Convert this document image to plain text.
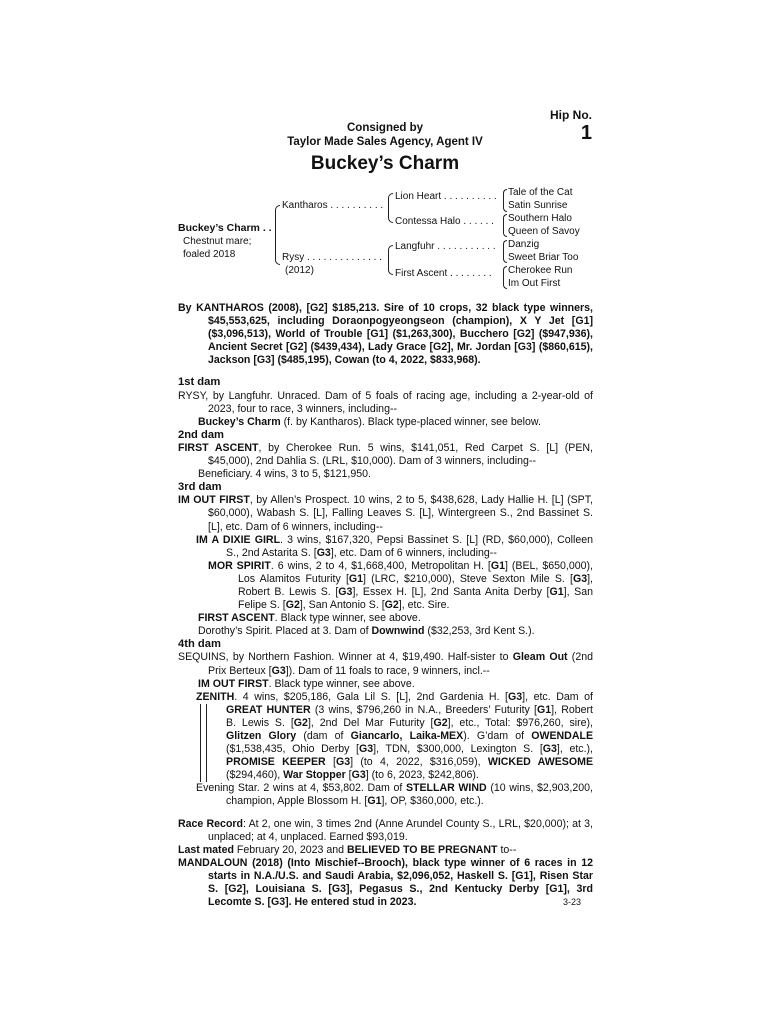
Hip No.
1
Consigned by
Taylor Made Sales Agency, Agent IV
Buckey’s Charm
Buckey’s Charm . .
Chestnut mare;
foaled 2018
Kantharos . . . . . . . . . .
Rysy . . . . . . . . . . . . . .
(2012)
Lion Heart . . . . . . . . . .
Contessa Halo . . . . . .
Langfuhr . . . . . . . . . . .
First Ascent . . . . . . . .
Tale of the Cat
Satin Sunrise
Southern Halo
Queen of Savoy
Danzig
Sweet Briar Too
Cherokee Run
Im Out First

By KANTHAROS (2008), [G2] $185,213. Sire of 10 crops, 32 black type winners, $45,553,625, including Doraonpogyeongseon (champion), X Y Jet [G1] ($3,096,513), World of Trouble [G1] ($1,263,300), Bucchero [G2] ($947,936), Ancient Secret [G2] ($439,434), Lady Grace [G2], Mr. Jordan [G3] ($860,615), Jackson [G3] ($485,195), Cowan (to 4, 2022, $833,968).

1st dam

RYSY, by Langfuhr. Unraced. Dam of 5 foals of racing age, including a 2-year-old of 2023, four to race, 3 winners, including--

Buckey’s Charm (f. by Kantharos). Black type-placed winner, see below.

2nd dam

FIRST ASCENT, by Cherokee Run. 5 wins, $141,051, Red Carpet S. [L] (PEN, $45,000), 2nd Dahlia S. (LRL, $10,000). Dam of 3 winners, including--

Beneficiary. 4 wins, 3 to 5, $121,950.

3rd dam

IM OUT FIRST, by Allen’s Prospect. 10 wins, 2 to 5, $438,628, Lady Hallie H. [L] (SPT, $60,000), Wabash S. [L], Falling Leaves S. [L], Wintergreen S., 2nd Bassinet S. [L], etc. Dam of 6 winners, including--

IM A DIXIE GIRL. 3 wins, $167,320, Pepsi Bassinet S. [L] (RD, $60,000), Colleen S., 2nd Astarita S. [G3], etc. Dam of 6 winners, including--

MOR SPIRIT. 6 wins, 2 to 4, $1,668,400, Metropolitan H. [G1] (BEL, $650,000), Los Alamitos Futurity [G1] (LRC, $210,000), Steve Sexton Mile S. [G3], Robert B. Lewis S. [G3], Essex H. [L], 2nd Santa Anita Derby [G1], San Felipe S. [G2], San Antonio S. [G2], etc. Sire.

FIRST ASCENT. Black type winner, see above.

Dorothy’s Spirit. Placed at 3. Dam of Downwind ($32,253, 3rd Kent S.).

4th dam

SEQUINS, by Northern Fashion. Winner at 4, $19,490. Half-sister to Gleam Out (2nd Prix Berteux [G3]). Dam of 11 foals to race, 9 winners, incl.--

IM OUT FIRST. Black type winner, see above.

ZENITH. 4 wins, $205,186, Gala Lil S. [L], 2nd Gardenia H. [G3], etc. Dam of GREAT HUNTER (3 wins, $796,260 in N.A., Breeders’ Futurity [G1], Robert B. Lewis S. [G2], 2nd Del Mar Futurity [G2], etc., Total: $976,260, sire), Glitzen Glory (dam of Giancarlo, Laika-MEX). G’dam of OWENDALE ($1,538,435, Ohio Derby [G3], TDN, $300,000, Lexington S. [G3], etc.), PROMISE KEEPER [G3] (to 4, 2022, $316,059), WICKED AWESOME ($294,460), War Stopper [G3] (to 6, 2023, $242,806).

Evening Star. 2 wins at 4, $53,802. Dam of STELLAR WIND (10 wins, $2,903,200, champion, Apple Blossom H. [G1], OP, $360,000, etc.).

Race Record: At 2, one win, 3 times 2nd (Anne Arundel County S., LRL, $20,000); at 3, unplaced; at 4, unplaced. Earned $93,019.

Last mated February 20, 2023 and BELIEVED TO BE PREGNANT to--

MANDALOUN (2018) (Into Mischief--Brooch), black type winner of 6 races in 12 starts in N.A./U.S. and Saudi Arabia, $2,096,052, Haskell S. [G1], Risen Star S. [G2], Louisiana S. [G3], Pegasus S., 2nd Kentucky Derby [G1], 3rd Lecomte S. [G3]. He entered stud in 2023.	3-23
